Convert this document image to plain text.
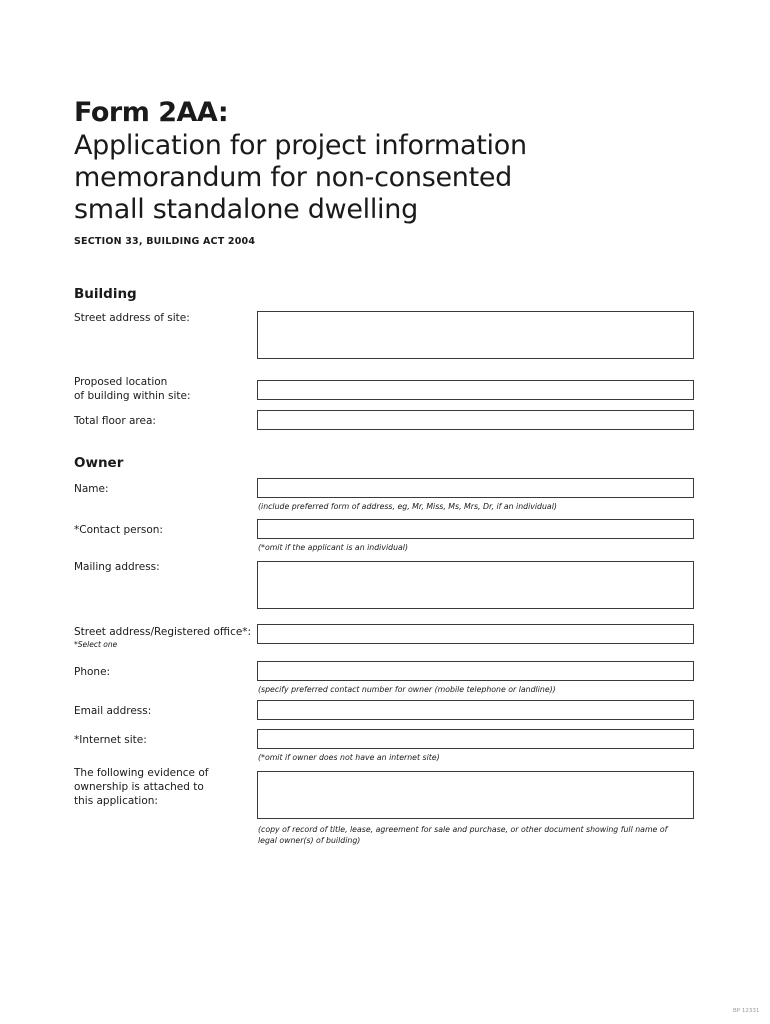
Form 2AA:
Application for project information
memorandum for non-consented
small standalone dwelling
SECTION 33, BUILDING ACT 2004
Building
Street address of site:
Proposed location
of building within site:
Total floor area:
Owner
Name:
(include preferred form of address, eg, Mr, Miss, Ms, Mrs, Dr, if an individual)
*Contact person:
(*omit if the applicant is an individual)
Mailing address:
Street address/Registered office*:
*Select one
Phone:
(specify preferred contact number for owner (mobile telephone or landline))
Email address:
*Internet site:
(*omit if owner does not have an internet site)
The following evidence of
ownership is attached to
this application:
(copy of record of title, lease, agreement for sale and purchase, or other document showing full name of
legal owner(s) of building)
BP 12331
